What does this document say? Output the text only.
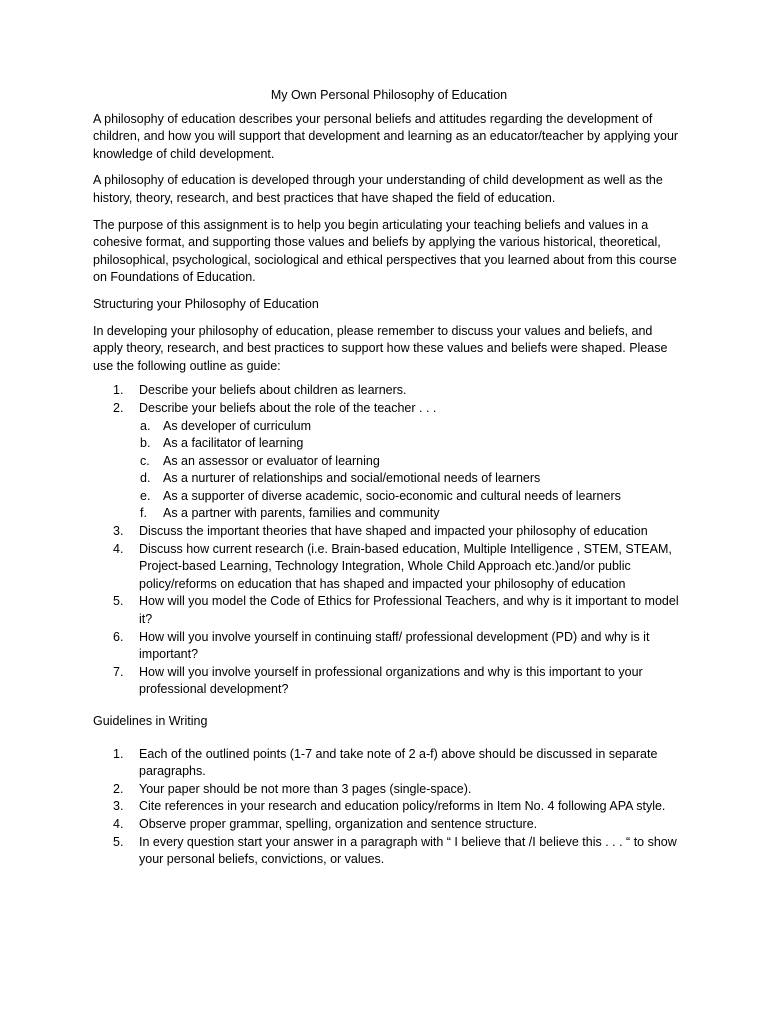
My Own Personal Philosophy of Education

A philosophy of education describes your personal beliefs and attitudes regarding the development of children, and how you will support that development and learning as an educator/teacher by applying your knowledge of child development.

A philosophy of education is developed through your understanding of child development as well as the history, theory, research, and best practices that have shaped the field of education.

The purpose of this assignment is to help you begin articulating your teaching beliefs and values in a cohesive format, and supporting those values and beliefs by applying the various historical, theoretical, philosophical, psychological, sociological and ethical perspectives that you learned about from this course on Foundations of Education.

Structuring your Philosophy of Education

In developing your philosophy of education, please remember to discuss your values and beliefs, and apply theory, research, and best practices to support how these values and beliefs were shaped. Please use the following outline as guide:

1. Describe your beliefs about children as learners.
2. Describe your beliefs about the role of the teacher . . .
a. As developer of curriculum
b. As a facilitator of learning
c. As an assessor or evaluator of learning
d. As a nurturer of relationships and social/emotional needs of learners
e. As a supporter of diverse academic, socio-economic and cultural needs of learners
f. As a partner with parents, families and community
3. Discuss the important theories that have shaped and impacted your philosophy of education
4. Discuss how current research (i.e. Brain-based education, Multiple Intelligence , STEM, STEAM, Project-based Learning, Technology Integration, Whole Child Approach etc.)and/or public policy/reforms on education that has shaped and impacted your philosophy of education
5. How will you model the Code of Ethics for Professional Teachers, and why is it important to model it?
6. How will you involve yourself in continuing staff/ professional development (PD) and why is it important?
7. How will you involve yourself in professional organizations and why is this important to your professional development?
Guidelines in Writing
1. Each of the outlined points (1-7 and take note of 2 a-f) above should be discussed in separate paragraphs.
2. Your paper should be not more than 3 pages (single-space).
3. Cite references in your research and education policy/reforms in Item No. 4 following APA style.
4. Observe proper grammar, spelling, organization and sentence structure.
5. In every question start your answer in a paragraph with “ I believe that /I believe this . . . “ to show your personal beliefs, convictions, or values.
